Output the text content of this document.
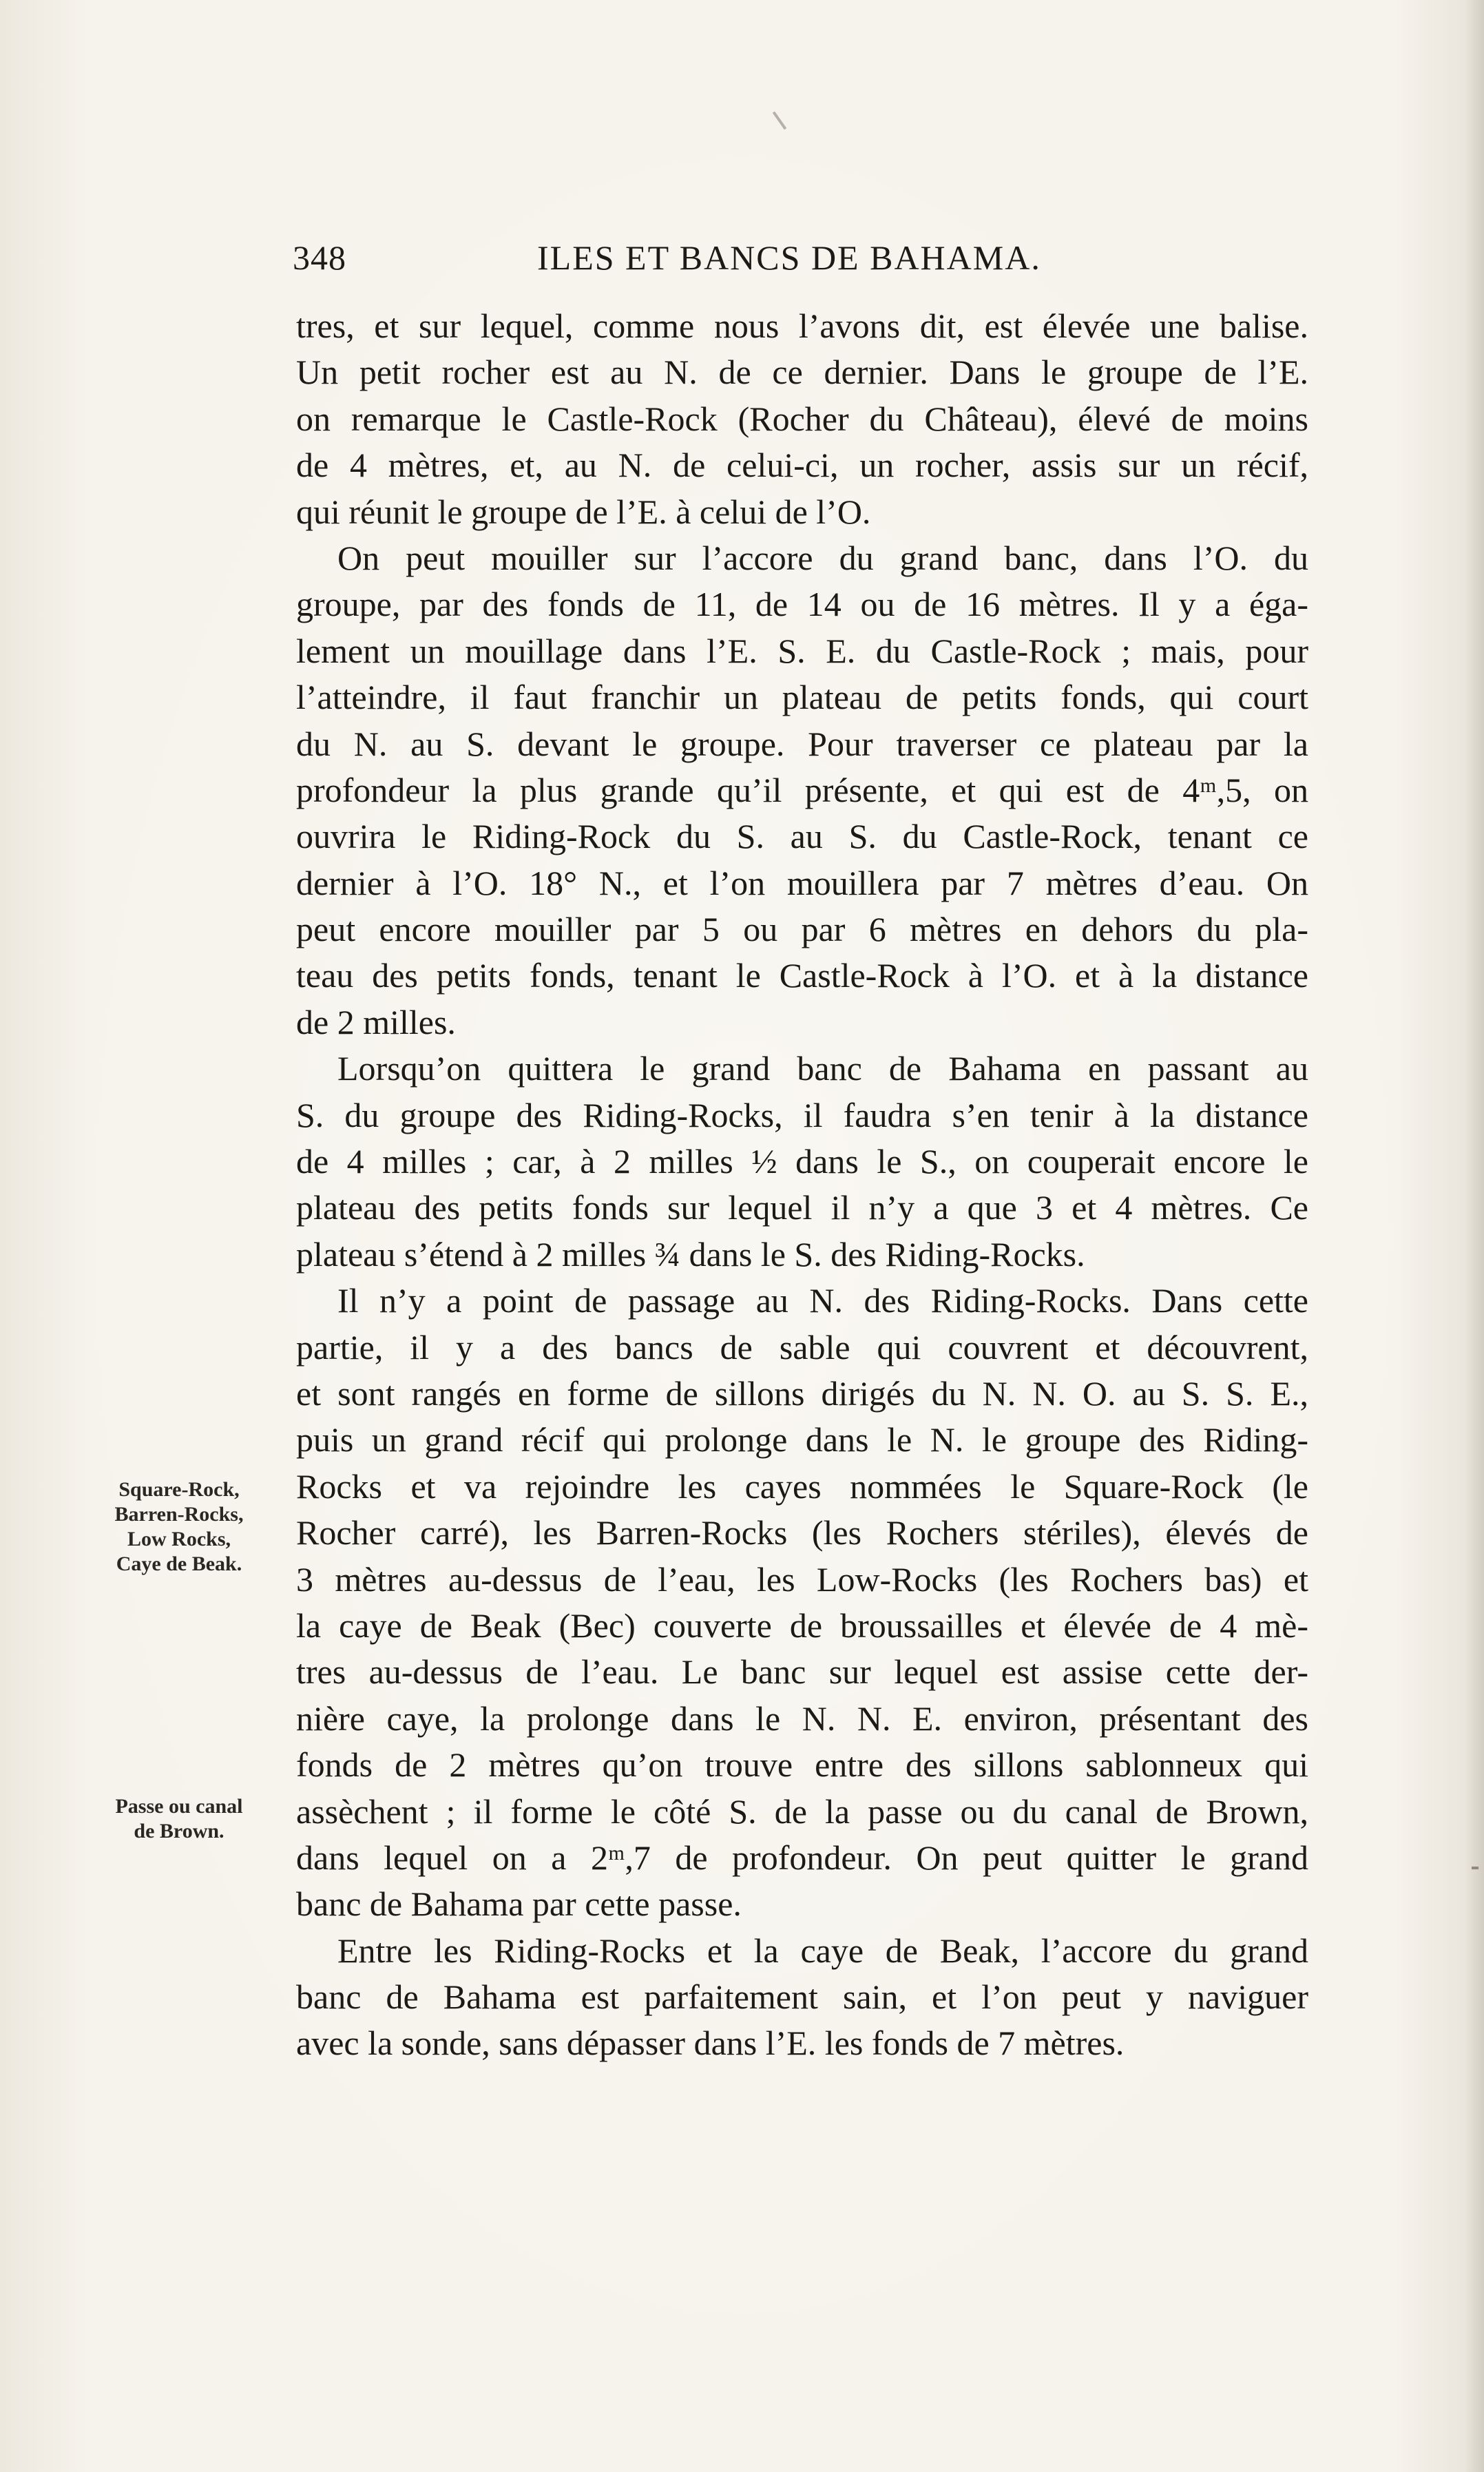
348	ILES ET BANCS DE BAHAMA.
Square-Rock,
Barren-Rocks,
Low Rocks,
Caye de Beak.
Passe ou canal
de Brown.
tres, et sur lequel, comme nous l’avons dit, est élevée une balise.
Un petit rocher est au N. de ce dernier. Dans le groupe de l’E.
on remarque le Castle-Rock (Rocher du Château), élevé de moins
de 4 mètres, et, au N. de celui-ci, un rocher, assis sur un récif,
qui réunit le groupe de l’E. à celui de l’O.
On peut mouiller sur l’accore du grand banc, dans l’O. du
groupe, par des fonds de 11, de 14 ou de 16 mètres. Il y a éga-
lement un mouillage dans l’E. S. E. du Castle-Rock ; mais, pour
l’atteindre, il faut franchir un plateau de petits fonds, qui court
du N. au S. devant le groupe. Pour traverser ce plateau par la
profondeur la plus grande qu’il présente, et qui est de 4ᵐ,5, on
ouvrira le Riding-Rock du S. au S. du Castle-Rock, tenant ce
dernier à l’O. 18° N., et l’on mouillera par 7 mètres d’eau. On
peut encore mouiller par 5 ou par 6 mètres en dehors du pla-
teau des petits fonds, tenant le Castle-Rock à l’O. et à la distance
de 2 milles.
Lorsqu’on quittera le grand banc de Bahama en passant au
S. du groupe des Riding-Rocks, il faudra s’en tenir à la distance
de 4 milles ; car, à 2 milles ½ dans le S., on couperait encore le
plateau des petits fonds sur lequel il n’y a que 3 et 4 mètres. Ce
plateau s’étend à 2 milles ¾ dans le S. des Riding-Rocks.
Il n’y a point de passage au N. des Riding-Rocks. Dans cette
partie, il y a des bancs de sable qui couvrent et découvrent,
et sont rangés en forme de sillons dirigés du N. N. O. au S. S. E.,
puis un grand récif qui prolonge dans le N. le groupe des Riding-
Rocks et va rejoindre les cayes nommées le Square-Rock (le
Rocher carré), les Barren-Rocks (les Rochers stériles), élevés de
3 mètres au-dessus de l’eau, les Low-Rocks (les Rochers bas) et
la caye de Beak (Bec) couverte de broussailles et élevée de 4 mè-
tres au-dessus de l’eau. Le banc sur lequel est assise cette der-
nière caye, la prolonge dans le N. N. E. environ, présentant des
fonds de 2 mètres qu’on trouve entre des sillons sablonneux qui
assèchent ; il forme le côté S. de la passe ou du canal de Brown,
dans lequel on a 2ᵐ,7 de profondeur. On peut quitter le grand
banc de Bahama par cette passe.
Entre les Riding-Rocks et la caye de Beak, l’accore du grand
banc de Bahama est parfaitement sain, et l’on peut y naviguer
avec la sonde, sans dépasser dans l’E. les fonds de 7 mètres.
